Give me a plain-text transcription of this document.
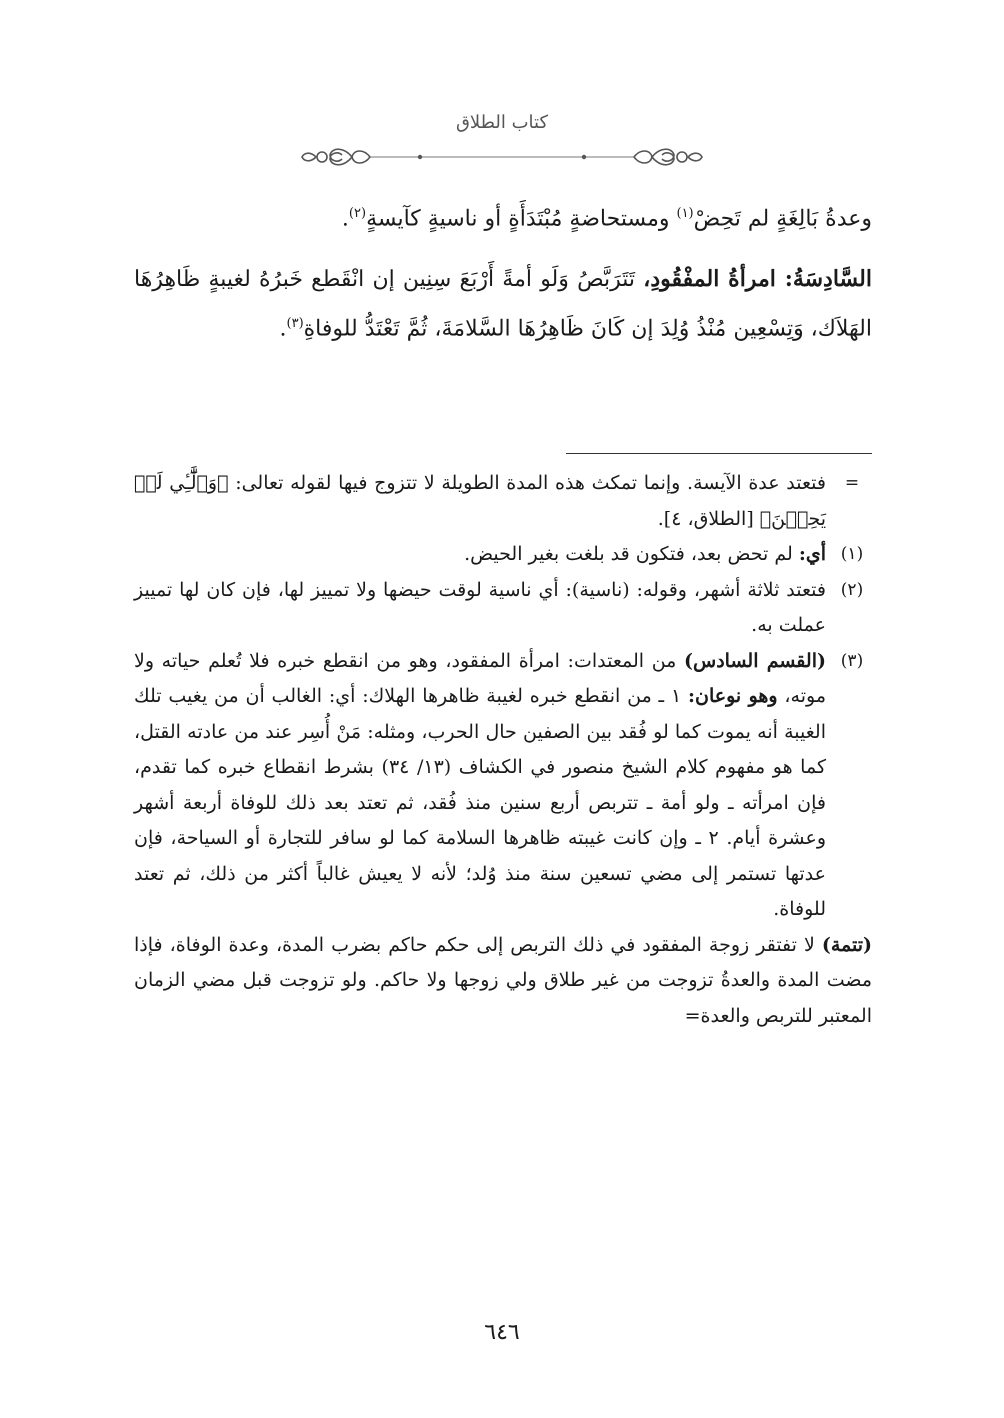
كتاب الطلاق

وعدةُ بَالِغَةٍ لم تَحِضْ$^{(١)}$ ومستحاضةٍ مُبْتَدَأَةٍ أو ناسيةٍ كآيسةٍ$^{(٢)}$.

السَّادِسَةُ: امرأةُ المفْقُودِ، تَتَرَبَّصُ وَلَو أمةً أَرْبَعَ سِنِين إن انْقَطع خَبرُهُ لغيبةٍ ظَاهِرُهَا الهَلاَك، وَتِسْعِين مُنْذُ وُلِدَ إن كَانَ ظَاهِرُهَا السَّلامَةَ، ثُمَّ تَعْتَدُّ للوفاةِ$^{(٣)}$.

=
فتعتد عدة الآيسة. وإنما تمكث هذه المدة الطويلة لا تتزوج فيها لقوله تعالى: ﴿وَٱلَّٰٓـِٔي لَمۡ يَحِضۡنَ﴾ [الطلاق، ٤].

(١)
أي: لم تحض بعد، فتكون قد بلغت بغير الحيض.

(٢)
فتعتد ثلاثة أشهر، وقوله: (ناسية): أي ناسية لوقت حيضها ولا تمييز لها، فإن كان لها تمييز عملت به.

(٣)
(القسم السادس) من المعتدات: امرأة المفقود، وهو من انقطع خبره فلا تُعلم حياته ولا موته، وهو نوعان: ١ ـ من انقطع خبره لغيبة ظاهرها الهلاك: أي: الغالب أن من يغيب تلك الغيبة أنه يموت كما لو فُقد بين الصفين حال الحرب، ومثله: مَنْ أُسِر عند من عادته القتل، كما هو مفهوم كلام الشيخ منصور في الكشاف (١٣/ ٣٤) بشرط انقطاع خبره كما تقدم، فإن امرأته ـ ولو أمة ـ تتربص أربع سنين منذ فُقد، ثم تعتد بعد ذلك للوفاة أربعة أشهر وعشرة أيام. ٢ ـ وإن كانت غيبته ظاهرها السلامة كما لو سافر للتجارة أو السياحة، فإن عدتها تستمر إلى مضي تسعين سنة منذ وُلد؛ لأنه لا يعيش غالباً أكثر من ذلك، ثم تعتد للوفاة.

(تتمة) لا تفتقر زوجة المفقود في ذلك التربص إلى حكم حاكم بضرب المدة، وعدة الوفاة، فإذا مضت المدة والعدةُ تزوجت من غير طلاق ولي زوجها ولا حاكم. ولو تزوجت قبل مضي الزمان المعتبر للتربص والعدة=

٦٤٦
